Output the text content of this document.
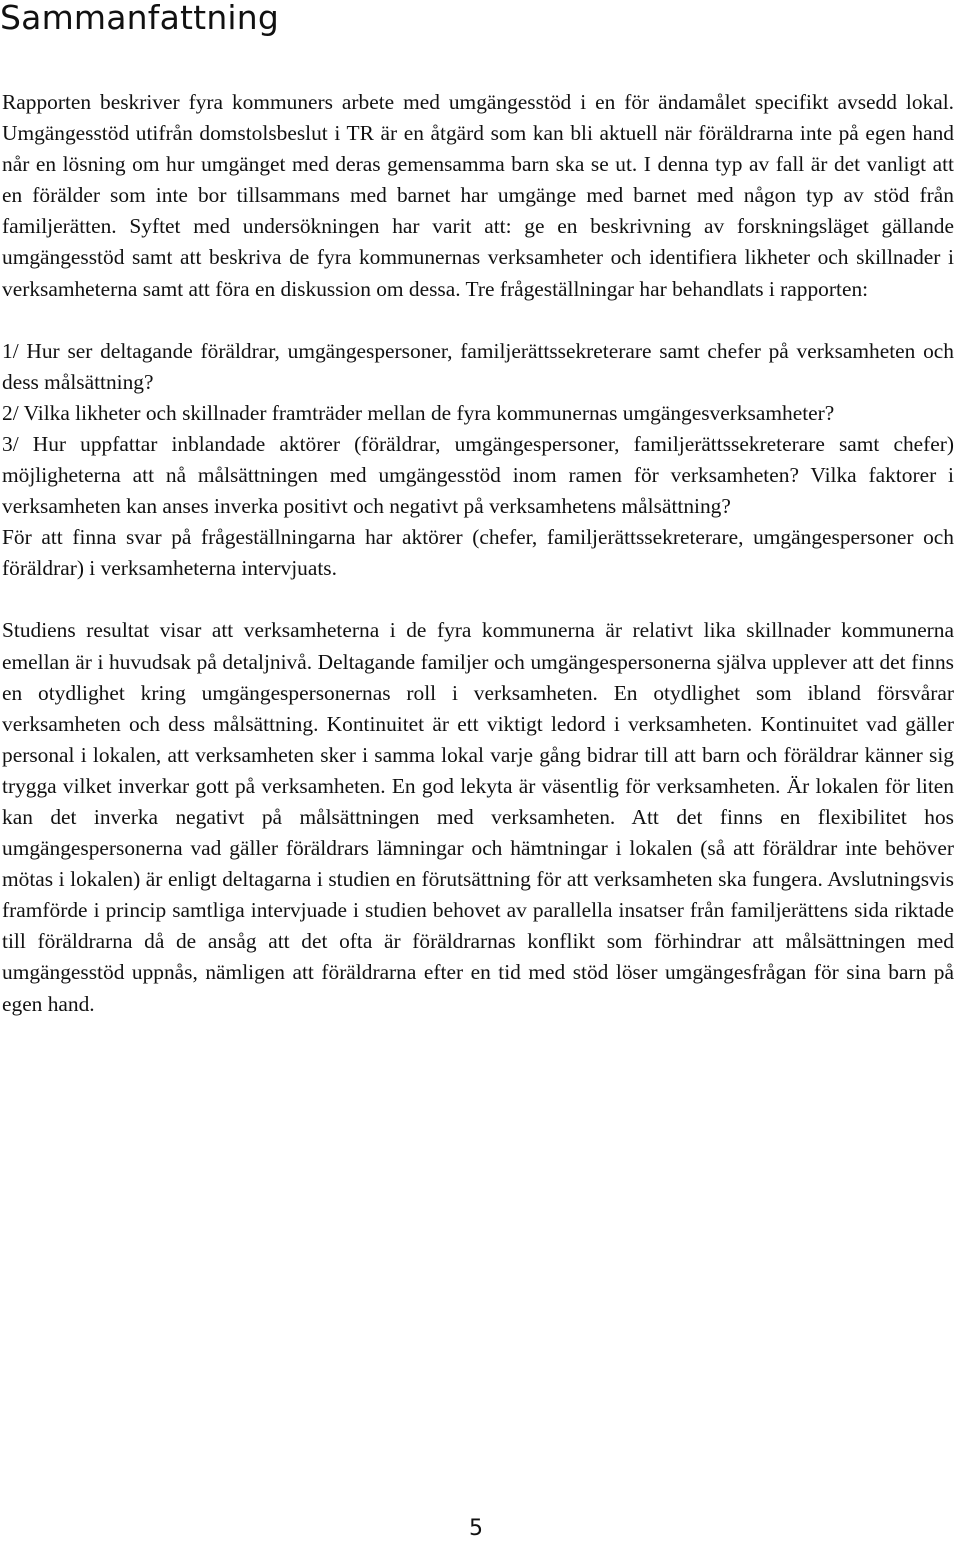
Sammanfattning

Rapporten beskriver fyra kommuners arbete med umgängesstöd i en för ändamålet specifikt avsedd lokal. Umgängesstöd utifrån domstolsbeslut i TR är en åtgärd som kan bli aktuell när föräldrarna inte på egen hand når en lösning om hur umgänget med deras gemensamma barn ska se ut. I denna typ av fall är det vanligt att en förälder som inte bor tillsammans med barnet har umgänge med barnet med någon typ av stöd från familjerätten. Syftet med undersökningen har varit att: ge en beskrivning av forskningsläget gällande umgängesstöd samt att beskriva de fyra kommunernas verksamheter och identifiera likheter och skillnader i verksamheterna samt att föra en diskussion om dessa. Tre frågeställningar har behandlats i rapporten:

1/ Hur ser deltagande föräldrar, umgängespersoner, familjerättssekreterare samt chefer på verksamheten och dess målsättning?

2/ Vilka likheter och skillnader framträder mellan de fyra kommunernas umgängesverksamheter?

3/ Hur uppfattar inblandade aktörer (föräldrar, umgängespersoner, familjerättssekreterare samt chefer) möjligheterna att nå målsättningen med umgängesstöd inom ramen för verksamheten? Vilka faktorer i verksamheten kan anses inverka positivt och negativt på verksamhetens målsättning?

För att finna svar på frågeställningarna har aktörer (chefer, familjerättssekreterare, umgängespersoner och föräldrar) i verksamheterna intervjuats.

Studiens resultat visar att verksamheterna i de fyra kommunerna är relativt lika skillnader kommunerna emellan är i huvudsak på detaljnivå. Deltagande familjer och umgängespersonerna själva upplever att det finns en otydlighet kring umgängespersonernas roll i verksamheten. En otydlighet som ibland försvårar verksamheten och dess målsättning. Kontinuitet är ett viktigt ledord i verksamheten. Kontinuitet vad gäller personal i lokalen, att verksamheten sker i samma lokal varje gång bidrar till att barn och föräldrar känner sig trygga vilket inverkar gott på verksamheten. En god lekyta är väsentlig för verksamheten. Är lokalen för liten kan det inverka negativt på målsättningen med verksamheten. Att det finns en flexibilitet hos umgängespersonerna vad gäller föräldrars lämningar och hämtningar i lokalen (så att föräldrar inte behöver mötas i lokalen) är enligt deltagarna i studien en förutsättning för att verksamheten ska fungera. Avslutningsvis framförde i princip samtliga intervjuade i studien behovet av parallella insatser från familjerättens sida riktade till föräldrarna då de ansåg att det ofta är föräldrarnas konflikt som förhindrar att målsättningen med umgängesstöd uppnås, nämligen att föräldrarna efter en tid med stöd löser umgängesfrågan för sina barn på egen hand.

5
